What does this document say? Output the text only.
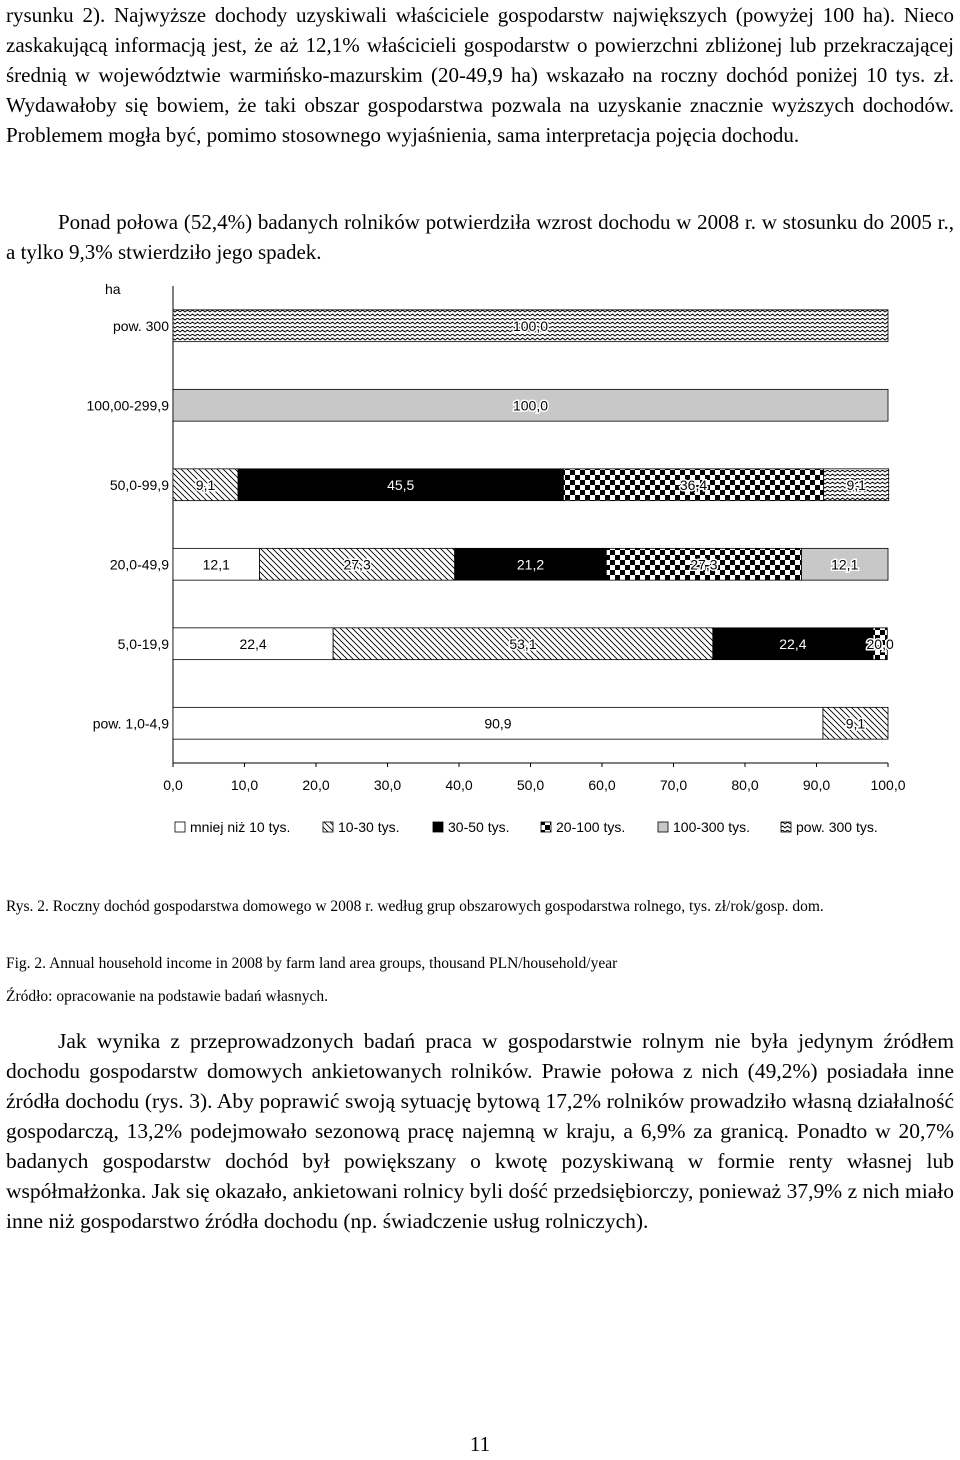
rysunku 2). Najwyższe dochody uzyskiwali właściciele gospodarstw największych (powyżej 100 ha). Nieco zaskakującą informacją jest, że aż 12,1% właścicieli gospodarstw o powierzchni zbliżonej lub przekraczającej średnią w województwie warmińsko-mazurskim (20-49,9 ha) wskazało na roczny dochód poniżej 10 tys. zł. Wydawałoby się bowiem, że taki obszar gospodarstwa pozwala na uzyskanie znacznie wyższych dochodów. Problemem mogła być, pomimo stosownego wyjaśnienia, sama interpretacja pojęcia dochodu.

Ponad połowa (52,4%) badanych rolników potwierdziła wzrost dochodu w 2008 r. w stosunku do 2005 r., a tylko 9,3% stwierdziło jego spadek.

ha
100,0
100,0
9,1	45,5	36,4	9,1
12,1	27,3	21,2	27,3	12,1
22,4	53,1	22,4	20,0
90,9	9,1
pow. 300
100,00-299,9
50,0-99,9
20,0-49,9
5,0-19,9
pow. 1,0-4,9
0,0	10,0	20,0	30,0	40,0	50,0	60,0	70,0	80,0	90,0	100,0
mniej niż 10 tys.	10-30 tys.	30-50 tys.	20-100 tys.	100-300 tys.	pow. 300 tys.

Rys. 2. Roczny dochód gospodarstwa domowego w 2008 r. według grup obszarowych gospodarstwa rolnego, tys. zł/rok/gosp. dom.

Fig. 2. Annual household income in 2008 by farm land area groups, thousand PLN/household/year

Źródło: opracowanie na podstawie badań własnych.

Jak wynika z przeprowadzonych badań praca w gospodarstwie rolnym nie była jedynym źródłem dochodu gospodarstw domowych ankietowanych rolników. Prawie połowa z nich (49,2%) posiadała inne źródła dochodu (rys. 3). Aby poprawić swoją sytuację bytową 17,2% rolników prowadziło własną działalność gospodarczą, 13,2% podejmowało sezonową pracę najemną w kraju, a 6,9% za granicą. Ponadto w 20,7% badanych gospodarstw dochód był powiększany o kwotę pozyskiwaną w formie renty własnej lub współmałżonka. Jak się okazało, ankietowani rolnicy byli dość przedsiębiorczy, ponieważ 37,9% z nich miało inne niż gospodarstwo źródła dochodu (np. świadczenie usług rolniczych).

11
